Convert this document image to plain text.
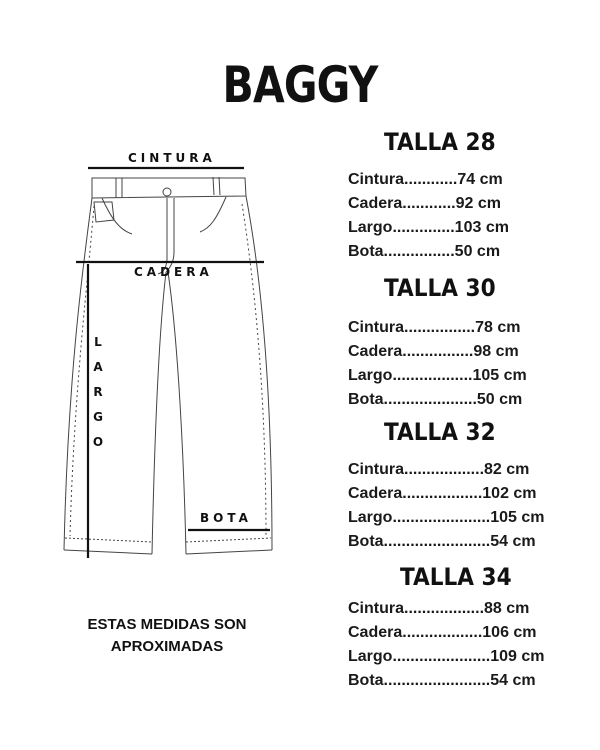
BAGGY
CINTURA
CADERA
L
A
R
G
O
BOTA
ESTAS MEDIDAS SON
APROXIMADAS
TALLA 28
Cintura............74 cm
Cadera............92 cm
Largo..............103 cm
Bota................50 cm
TALLA 30
Cintura................78 cm
Cadera................98 cm
Largo..................105 cm
Bota.....................50 cm
TALLA 32
Cintura..................82 cm
Cadera..................102 cm
Largo......................105 cm
Bota........................54 cm
TALLA 34
Cintura..................88 cm
Cadera..................106 cm
Largo......................109 cm
Bota........................54 cm
